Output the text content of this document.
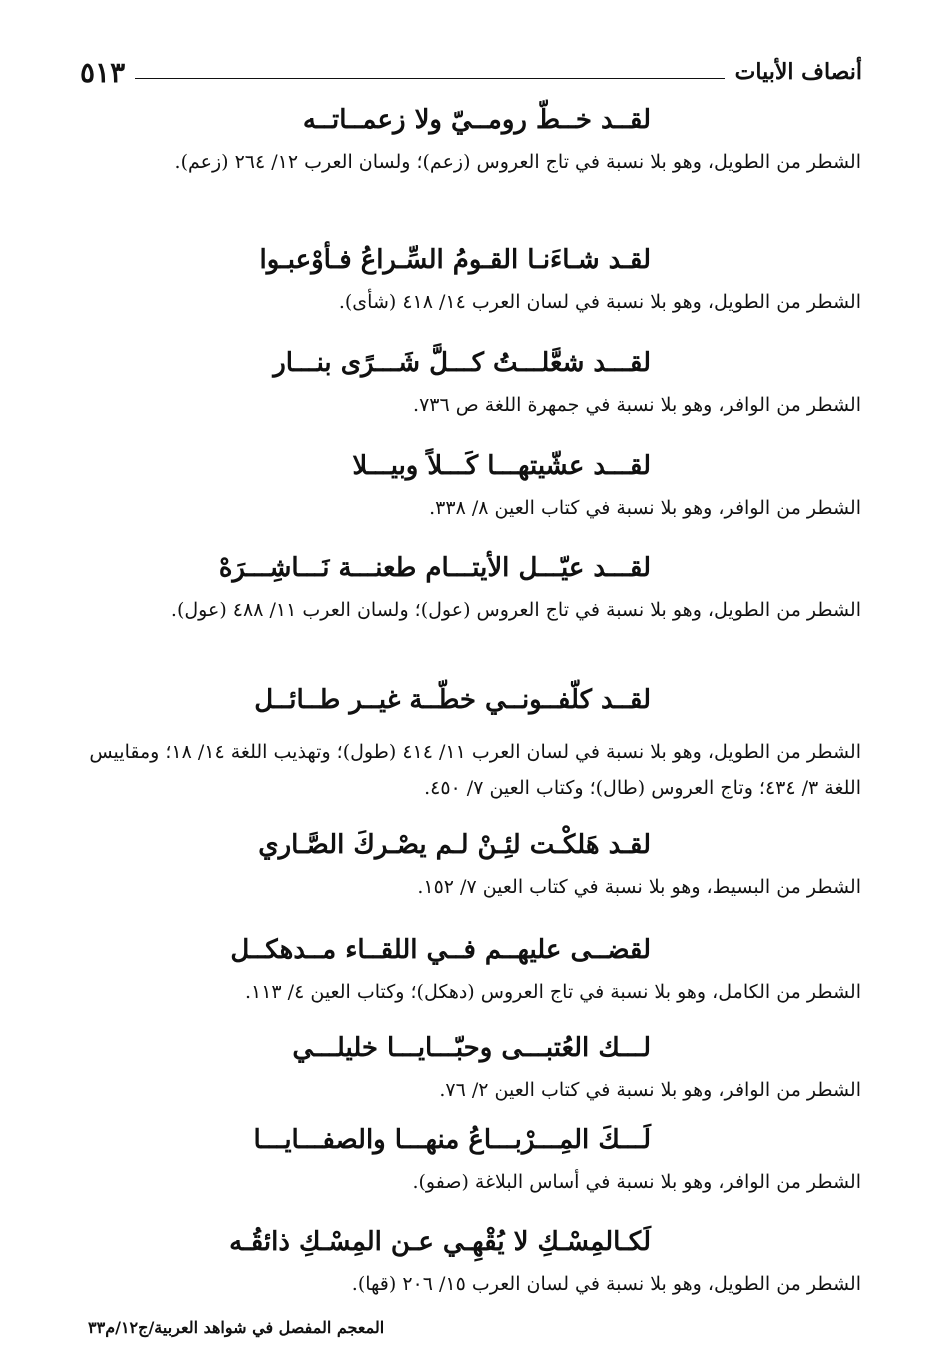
أنصاف الأبيات
٥١٣
لقــد خــطّ رومــيّ ولا زعمــاتــه
الشطر من الطويل، وهو بلا نسبة في تاج العروس (زعم)؛ ولسان العرب ١٢/ ٢٦٤ (زعم).
لقـد شـاءَنـا القـومُ السِّـراعُ فـأوْعبـوا
الشطر من الطويل، وهو بلا نسبة في لسان العرب ١٤/ ٤١٨ (شأى).
لقـــد شعَّلـــتُ كـــلَّ شَـــرًى بنـــار
الشطر من الوافر، وهو بلا نسبة في جمهرة اللغة ص ٧٣٦.
لقـــد عشّيتهـــا كَـــلاً وبيـــلا
الشطر من الوافر، وهو بلا نسبة في كتاب العين ٨/ ٣٣٨.
لقـــد عيّـــل الأيتـــام طعنـــة نَـــاشِـــرَهْ
الشطر من الطويل، وهو بلا نسبة في تاج العروس (عول)؛ ولسان العرب ١١/ ٤٨٨ (عول).
لقــد كلّفــونــي خطّــة غيــر طــائــل
الشطر من الطويل، وهو بلا نسبة في لسان العرب ١١/ ٤١٤ (طول)؛ وتهذيب اللغة ١٤/ ١٨؛ ومقاييس اللغة ٣/ ٤٣٤؛ وتاج العروس (طال)؛ وكتاب العين ٧/ ٤٥٠.
لقـد هَلكْـت لئِـنْ لـم يصْـركَ الصَّـاري
الشطر من البسيط، وهو بلا نسبة في كتاب العين ٧/ ١٥٢.
لقضــى عليهــم فــي اللقــاء مــدهكــل
الشطر من الكامل، وهو بلا نسبة في تاج العروس (دهكل)؛ وكتاب العين ٤/ ١١٣.
لـــك العُتبـــى وحبّـــايـــا خليلـــي
الشطر من الوافر، وهو بلا نسبة في كتاب العين ٢/ ٧٦.
لَـــكَ المِـــرْبـــاعُ منهـــا والصفـــايـــا
الشطر من الوافر، وهو بلا نسبة في أساس البلاغة (صفو).
لَكـالمِسْـكِ لا يُقْهِـي عـن المِسْـكِ ذائقُـه
الشطر من الطويل، وهو بلا نسبة في لسان العرب ١٥/ ٢٠٦ (قها).
المعجم المفصل في شواهد العربية/ج١٢/م٣٣
